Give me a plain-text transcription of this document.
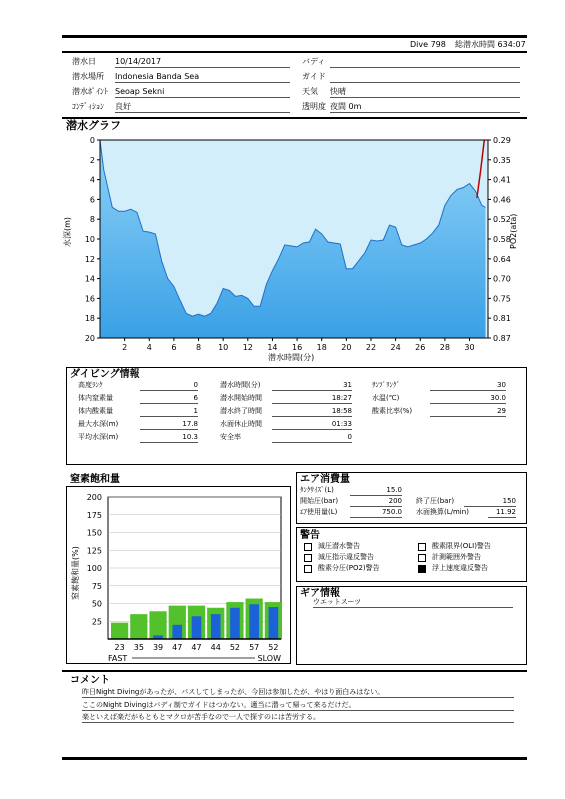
Dive 798 総潜水時間 634:07
潜水日 10/14/2017
潜水場所 Indonesia Banda Sea
潜水ﾎﾟｲﾝﾄ Seoap Sekni
ｺﾝﾃﾞｨｼｮﾝ 良好
バディ
ガイド
天気 快晴
透明度 夜間 0m
潜水グラフ
0
2
4
6
8
10
12
14
16
18
20
0.29
0.35
0.41
0.46
0.52
0.58
0.64
0.70
0.75
0.81
0.87
2 4 6 8 10 12 14 16 18 20 22 24 26 28 30
水深(m)	PO2(ata)
潜水時間(分)
ダイビング情報
高度ﾗﾝｸ	0
体内窒素量	6
体内酸素量	1
最大水深(m)	17.8
平均水深(m)	10.3
潜水時間(分)	31
潜水開始時間	18:27
潜水終了時間	18:58
水面休止時間	01:33
安全率	0
ｻﾝﾌﾟﾘﾝｸﾞ	30
水温(℃)	30.0
酸素比率(%)	29
窒素飽和量
25
50
75
100
125
150
175
200
23 35 39 47 47 44 52 57 52
FAST	SLOW
窒素飽和量(%)
エア消費量
ﾀﾝｸｻｲｽﾞ(L)	15.0
開始圧(bar)	200 終了圧(bar)	150
ｴｱ使用量(L)	750.0 水面換算(L/min)	11.92
警告
減圧潜水警告	酸素限界(OLI)警告
減圧指示違反警告	計測範囲外警告
酸素分圧(PO2)警告	浮上速度違反警告
ギア情報
ウエットスーツ
コメント
昨日Night Divingがあったが、パスしてしまったが、今回は参加したが、やはり面白みはない。
ここのNight Divingはバディ制でガイドはつかない。適当に潜って帰って来るだけだ。
楽といえば楽だがもともとマクロが苦手なので一人で探すのには苦労する。
